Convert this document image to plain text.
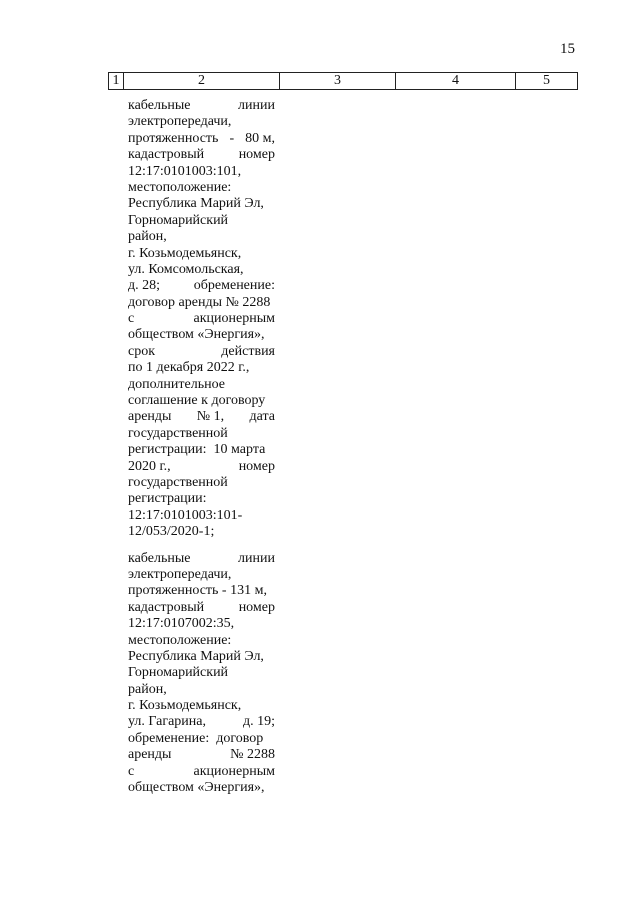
15
1	2	3	4	5
кабельные	линии
электропередачи,
протяженность - 80 м,
кадастровый номер
12:17:0101003:101,
местоположение:
Республика Марий Эл,
Горномарийский
район,
г. Козьмодемьянск,
ул. Комсомольская,
д. 28; обременение:
договор аренды № 2288
с	акционерным
обществом «Энергия»,
срок	действия
по 1 декабря 2022 г.,
дополнительное
соглашение к договору
аренды № 1, дата
государственной
регистрации:  10 марта
2020 г.,	номер
государственной
регистрации:
12:17:0101003:101-
12/053/2020-1;
кабельные	линии
электропередачи,
протяженность - 131 м,
кадастровый номер
12:17:0107002:35,
местоположение:
Республика Марий Эл,
Горномарийский
район,
г. Козьмодемьянск,
ул. Гагарина,	д. 19;
обременение:  договор
аренды	№ 2288
с	акционерным
обществом «Энергия»,
